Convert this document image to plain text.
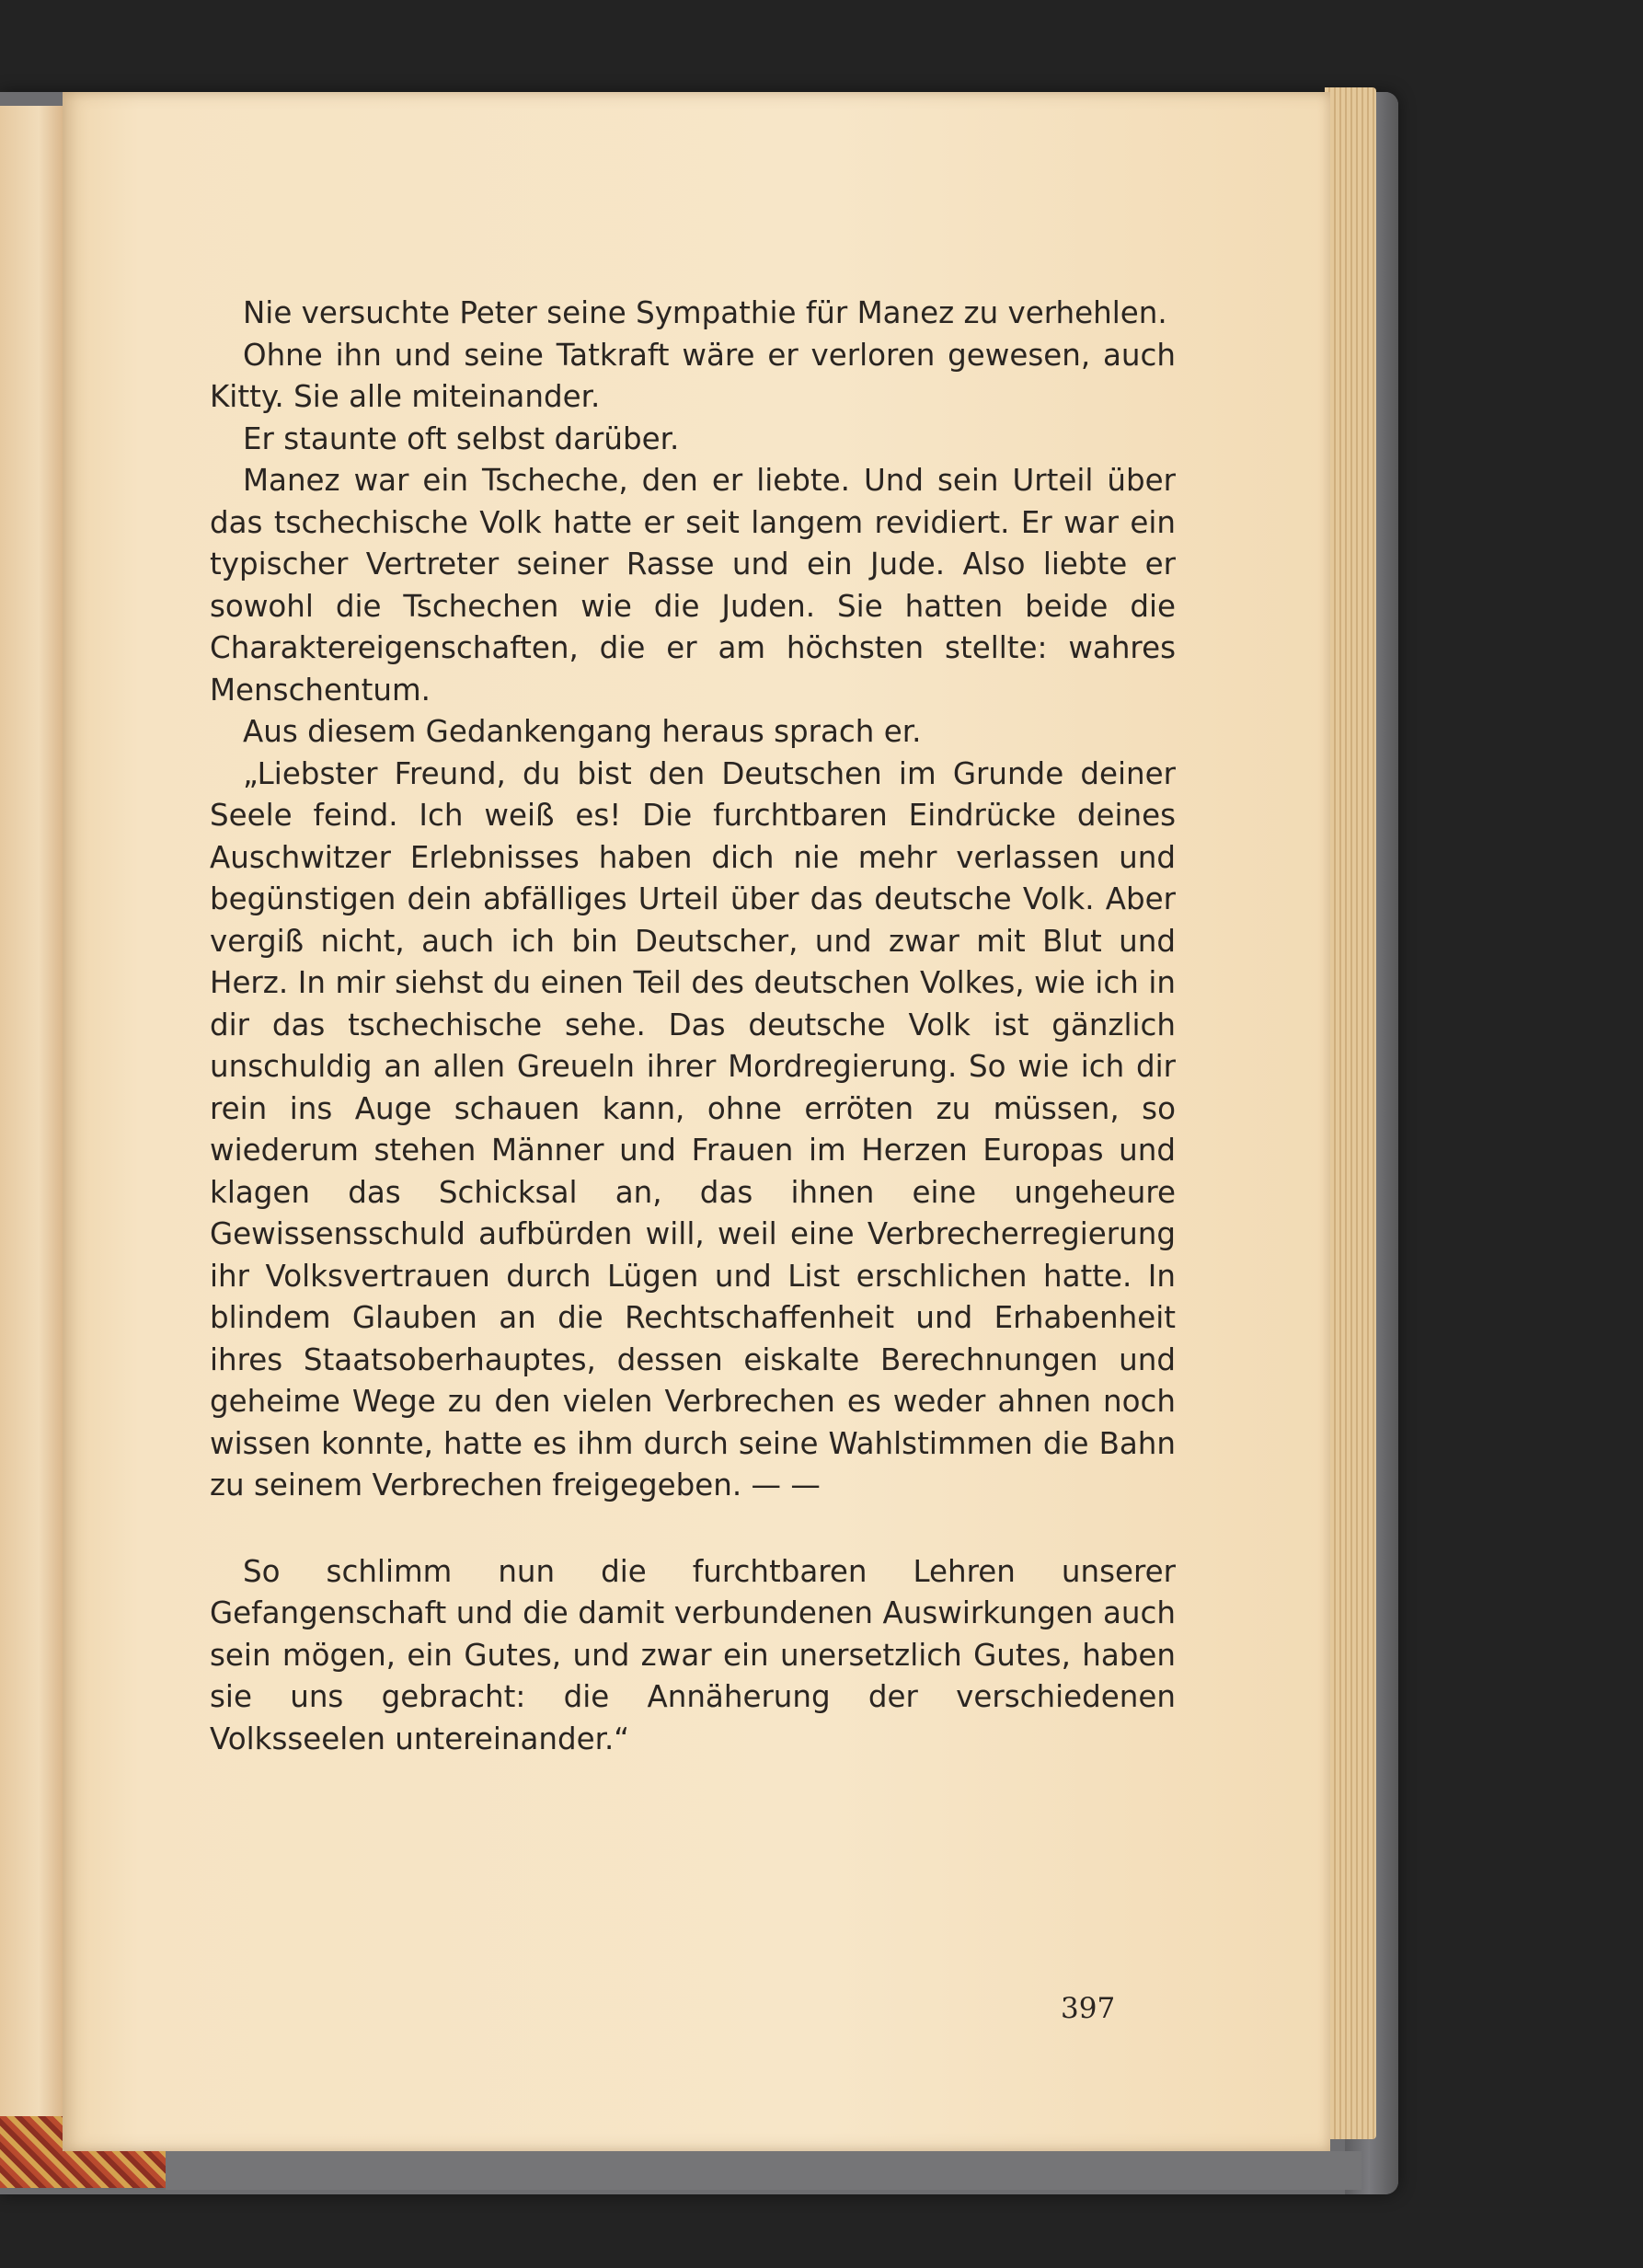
Nie versuchte Peter seine Sympathie für Manez zu verhehlen.

Ohne ihn und seine Tatkraft wäre er verloren gewesen, auch Kitty. Sie alle miteinander.

Er staunte oft selbst darüber.

Manez war ein Tscheche, den er liebte. Und sein Urteil über das tschechische Volk hatte er seit langem revidiert. Er war ein typischer Vertreter seiner Rasse und ein Jude. Also liebte er sowohl die Tschechen wie die Juden. Sie hatten beide die Charaktereigenschaften, die er am höchsten stellte: wahres Menschentum.

Aus diesem Gedankengang heraus sprach er.

„Liebster Freund, du bist den Deutschen im Grunde deiner Seele feind. Ich weiß es! Die furchtbaren Eindrücke deines Auschwitzer Erlebnisses haben dich nie mehr verlassen und begünstigen dein abfälliges Urteil über das deutsche Volk. Aber vergiß nicht, auch ich bin Deutscher, und zwar mit Blut und Herz. In mir siehst du einen Teil des deutschen Volkes, wie ich in dir das tschechische sehe. Das deutsche Volk ist gänzlich unschuldig an allen Greueln ihrer Mordregierung. So wie ich dir rein ins Auge schauen kann, ohne erröten zu müssen, so wiederum stehen Männer und Frauen im Herzen Europas und klagen das Schicksal an, das ihnen eine ungeheure Gewissensschuld aufbürden will, weil eine Verbrecherregierung ihr Volksvertrauen durch Lügen und List erschlichen hatte. In blindem Glauben an die Rechtschaffenheit und Erhabenheit ihres Staatsoberhauptes, dessen eiskalte Berechnungen und geheime Wege zu den vielen Verbrechen es weder ahnen noch wissen konnte, hatte es ihm durch seine Wahlstimmen die Bahn zu seinem Verbrechen freigegeben. — —

So schlimm nun die furchtbaren Lehren unserer Gefangenschaft und die damit verbundenen Auswirkungen auch sein mögen, ein Gutes, und zwar ein unersetzlich Gutes, haben sie uns gebracht: die Annäherung der verschiedenen Volksseelen untereinander.“

397
